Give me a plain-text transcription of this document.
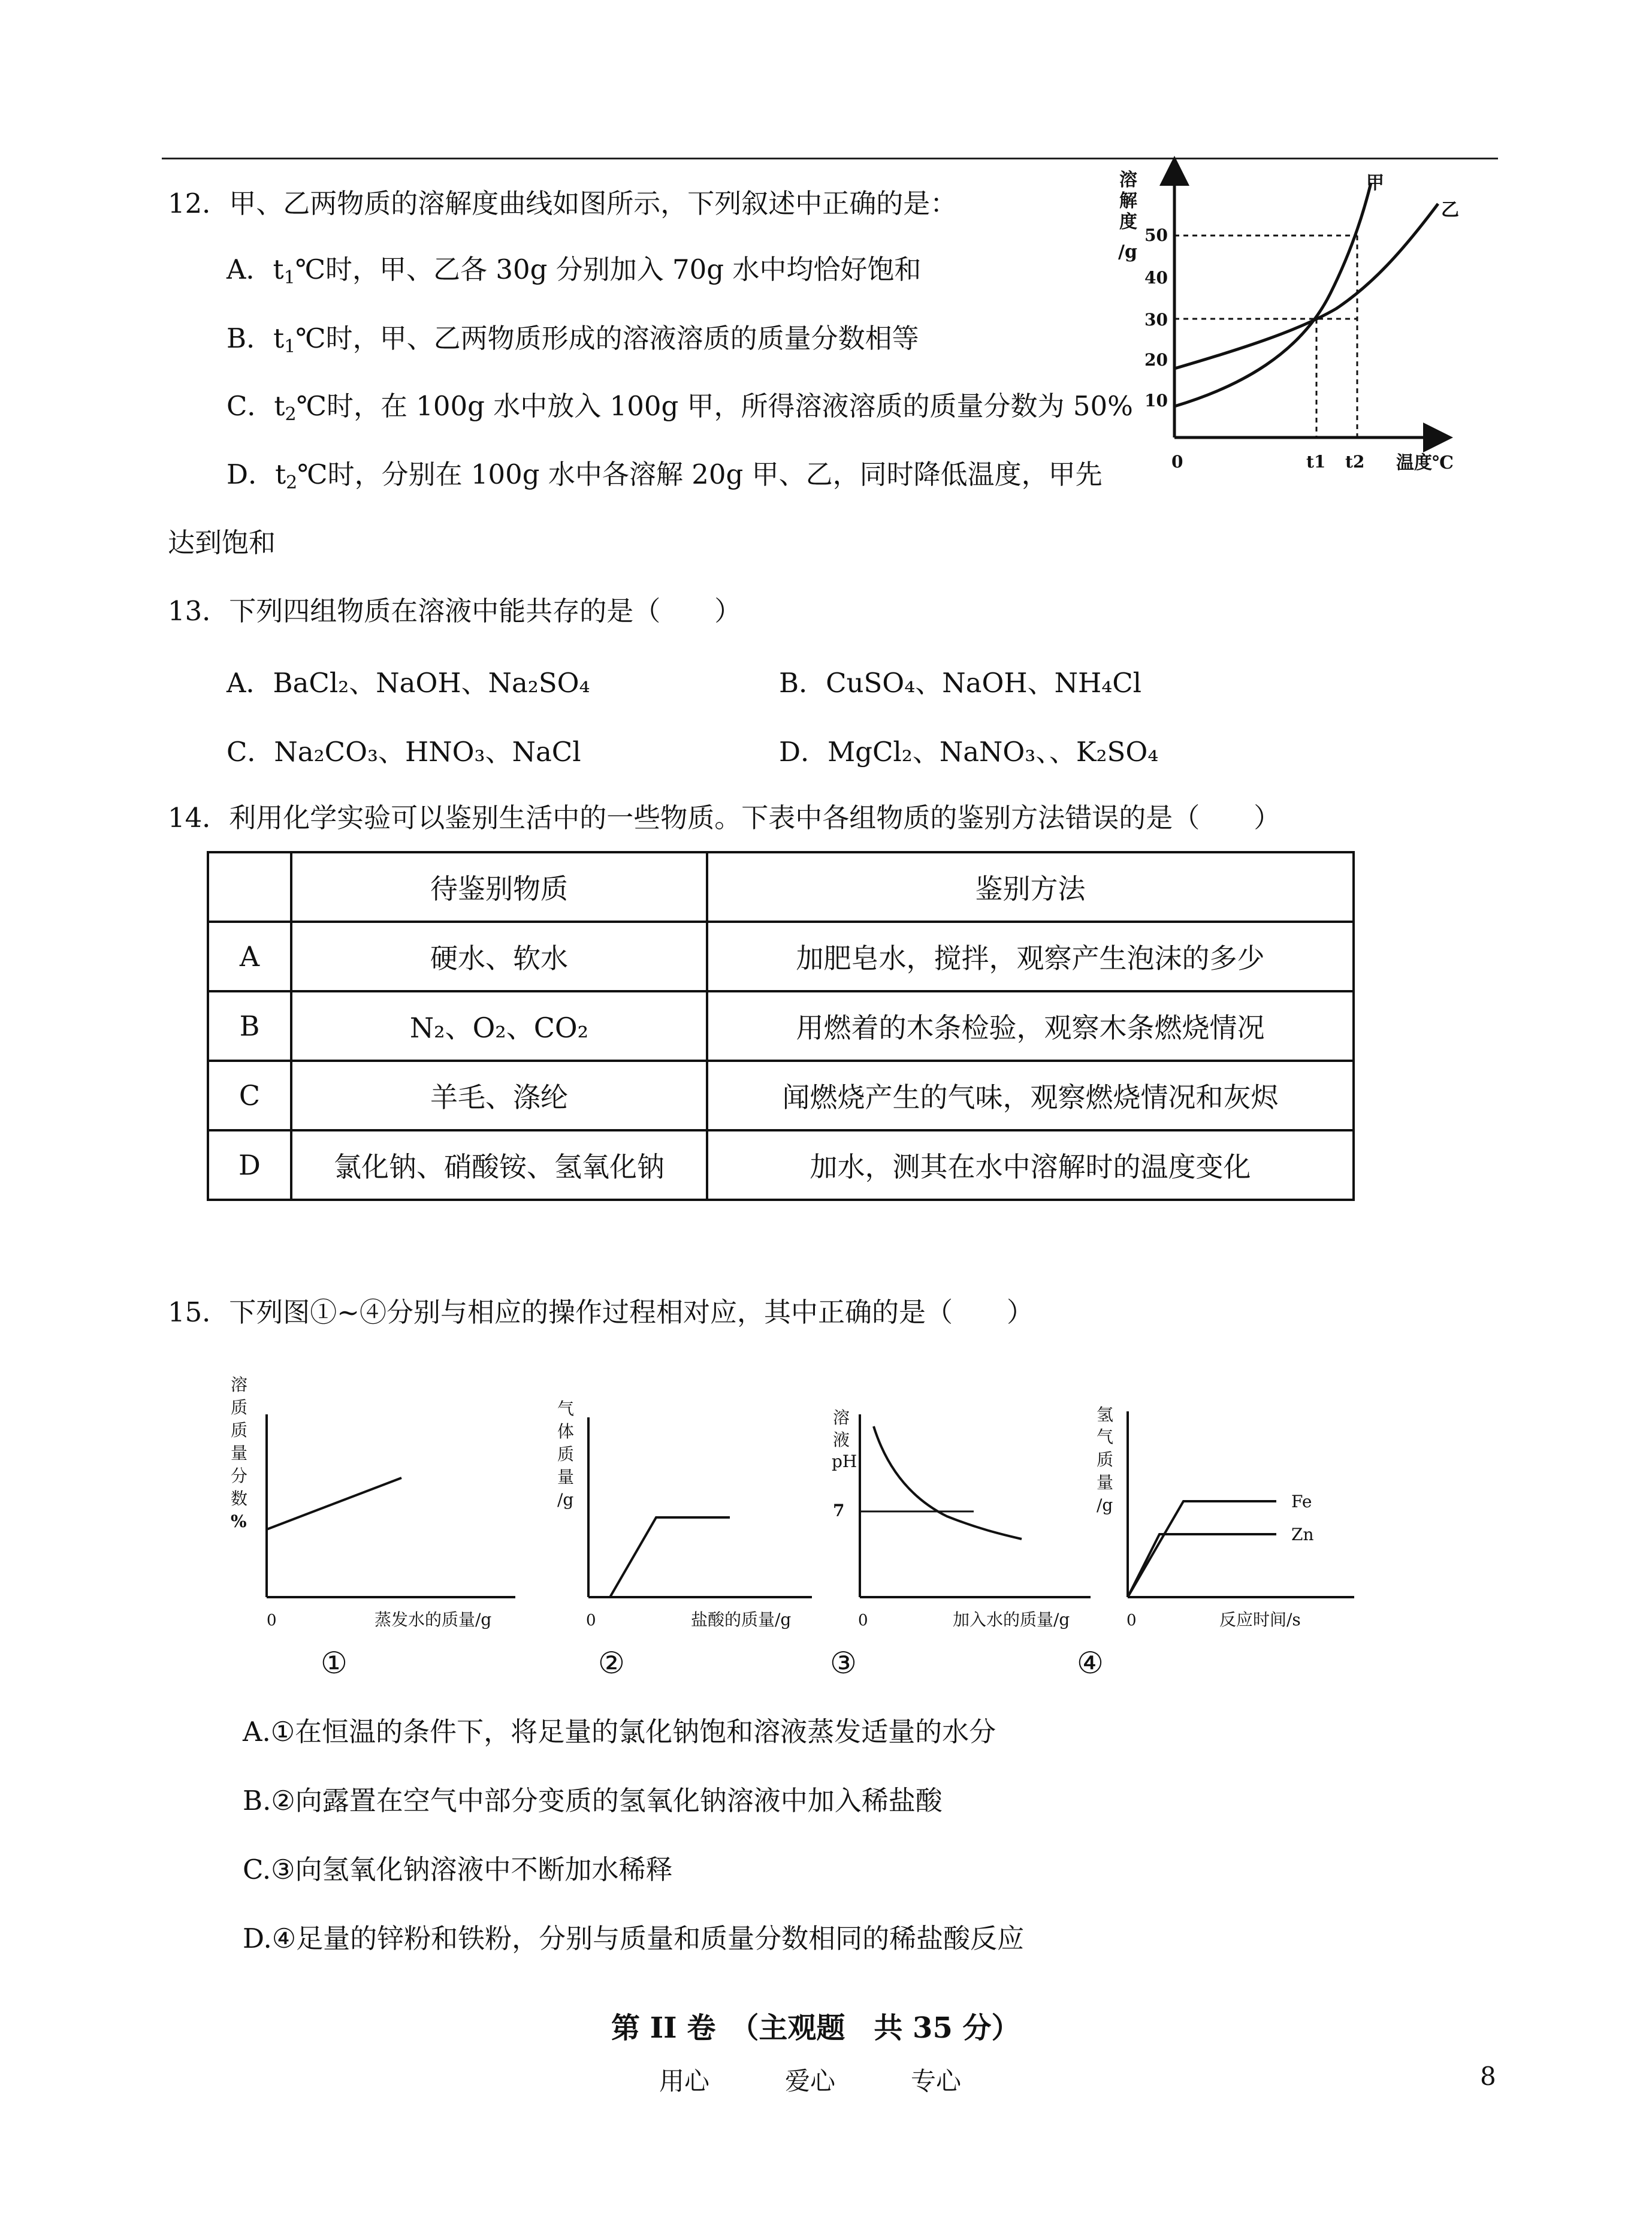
12．甲、乙两物质的溶解度曲线如图所示，下列叙述中正确的是：
A．$t_1℃$时，甲、乙各 30g 分别加入 70g 水中均恰好饱和
B．$t_1℃$时，甲、乙两物质形成的溶液溶质的质量分数相等
C．$t_2℃$时，在 100g 水中放入 100g 甲，所得溶液溶质的质量分数为 50%
D．$t_2℃$时，分别在 100g 水中各溶解 20g 甲、乙，同时降低温度，甲先
达到饱和
溶
解
度
/g
50
40
30
20
10
甲
乙
0	t1 t2 温度℃
13．下列四组物质在溶液中能共存的是（　　）
A．BaCl₂、NaOH、Na₂SO₄	B．CuSO₄、NaOH、NH₄Cl
C．Na₂CO₃、HNO₃、NaCl	D．MgCl₂、NaNO₃、、K₂SO₄
14．利用化学实验可以鉴别生活中的一些物质。下表中各组物质的鉴别方法错误的是（　　）
	待鉴别物质	鉴别方法
A	硬水、软水	加肥皂水，搅拌，观察产生泡沫的多少
B	N₂、O₂、CO₂	用燃着的木条检验，观察木条燃烧情况
C	羊毛、涤纶	闻燃烧产生的气味，观察燃烧情况和灰烬
D	氯化钠、硝酸铵、氢氧化钠	加水，测其在水中溶解时的温度变化
15．下列图①~④分别与相应的操作过程相对应，其中正确的是（　　）
溶
质
质
量
分
数
%
0	蒸发水的质量/g
①
气
体
质
量
/g
0	盐酸的质量/g
②
溶
液
pH
7
0	加入水的质量/g
③
氢
气
质
量
/g	Fe
Zn
0	反应时间/s
④
A.①在恒温的条件下，将足量的氯化钠饱和溶液蒸发适量的水分
B.②向露置在空气中部分变质的氢氧化钠溶液中加入稀盐酸
C.③向氢氧化钠溶液中不断加水稀释
D.④足量的锌粉和铁粉，分别与质量和质量分数相同的稀盐酸反应
第 II 卷　（主观题　共 35 分）
用心　　　爱心　　　专心	8
